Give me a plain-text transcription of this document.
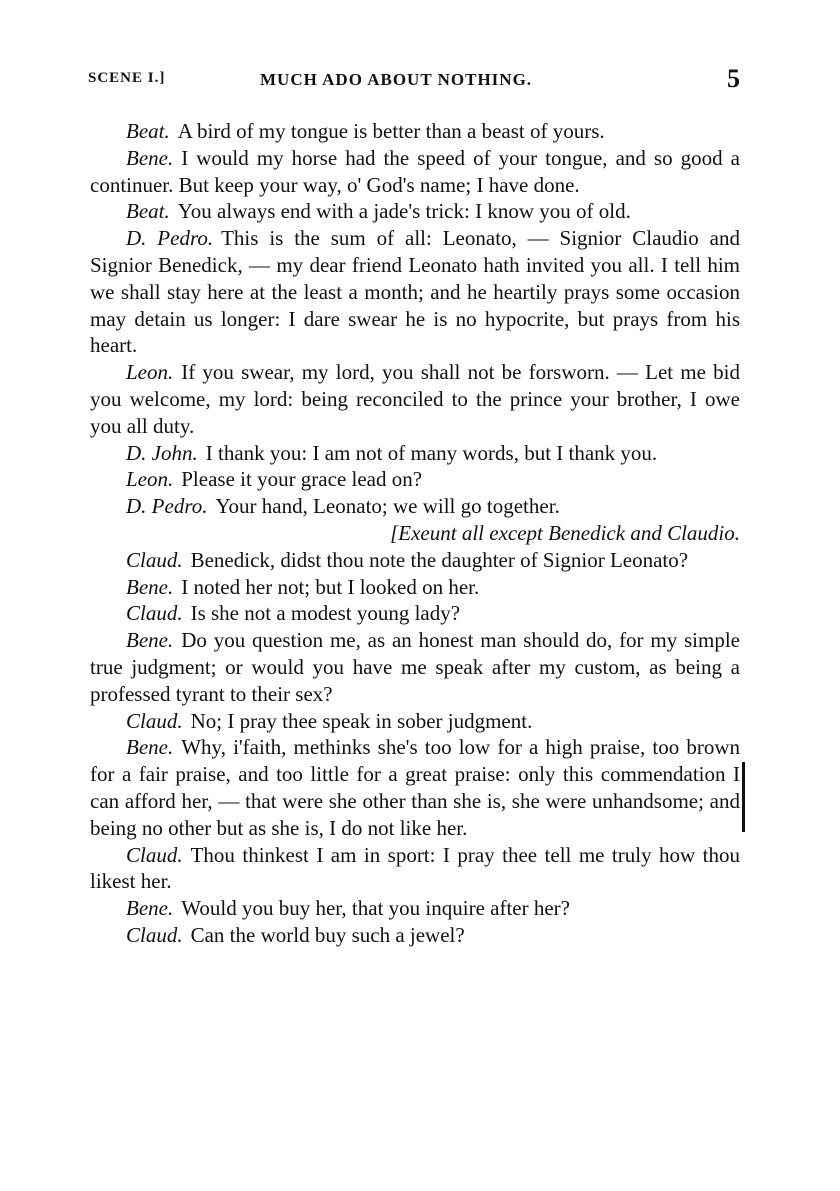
SCENE I.]	MUCH ADO ABOUT NOTHING.	5

Beat. A bird of my tongue is better than a beast of yours.

Bene. I would my horse had the speed of your tongue, and so good a continuer. But keep your way, o' God's name; I have done.

Beat. You always end with a jade's trick: I know you of old.

D. Pedro. This is the sum of all: Leonato, — Signior Claudio and Signior Benedick, — my dear friend Leonato hath invited you all. I tell him we shall stay here at the least a month; and he heartily prays some occasion may detain us longer: I dare swear he is no hypocrite, but prays from his heart.

Leon. If you swear, my lord, you shall not be forsworn. — Let me bid you welcome, my lord: being reconciled to the prince your brother, I owe you all duty.

D. John. I thank you: I am not of many words, but I thank you.

Leon. Please it your grace lead on?

D. Pedro. Your hand, Leonato; we will go together.

[Exeunt all except Benedick and Claudio.

Claud. Benedick, didst thou note the daughter of Signior Leonato?

Bene. I noted her not; but I looked on her.

Claud. Is she not a modest young lady?

Bene. Do you question me, as an honest man should do, for my simple true judgment; or would you have me speak after my custom, as being a professed tyrant to their sex?

Claud. No; I pray thee speak in sober judgment.

Bene. Why, i'faith, methinks she's too low for a high praise, too brown for a fair praise, and too little for a great praise: only this commendation I can afford her, — that were she other than she is, she were unhandsome; and being no other but as she is, I do not like her.

Claud. Thou thinkest I am in sport: I pray thee tell me truly how thou likest her.

Bene. Would you buy her, that you inquire after her?

Claud. Can the world buy such a jewel?
